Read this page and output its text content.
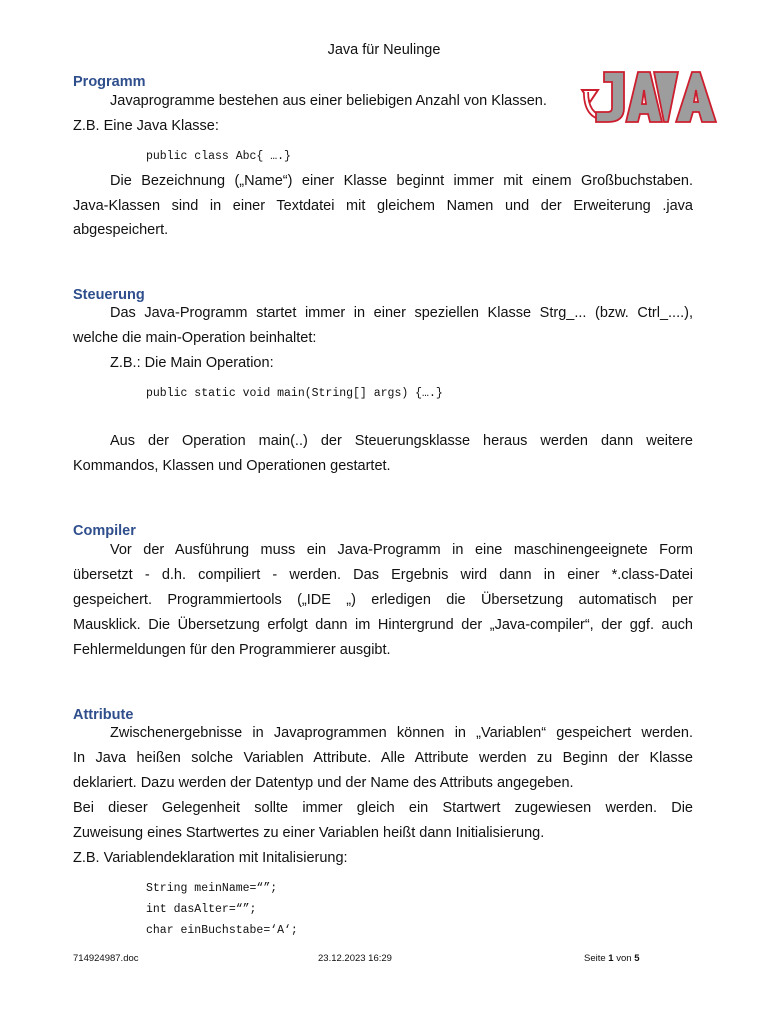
Java für Neulinge
Programm
Javaprogramme bestehen aus einer beliebigen Anzahl von Klassen.
Z.B. Eine Java Klasse:
public class Abc{ ….}
Die Bezeichnung („Name“) einer Klasse beginnt immer mit einem Großbuchstaben.
Java-Klassen sind in einer Textdatei mit gleichem Namen und der Erweiterung .java
abgespeichert.
Steuerung
Das Java-Programm startet immer in einer speziellen Klasse Strg_... (bzw. Ctrl_....),
welche die main-Operation beinhaltet:
Z.B.: Die Main Operation:
public static void main(String[] args) {….}
Aus der Operation main(..) der Steuerungsklasse heraus werden dann weitere
Kommandos, Klassen und Operationen gestartet.
Compiler
Vor der Ausführung muss ein Java-Programm in eine maschinengeeignete Form
übersetzt - d.h. compiliert - werden. Das Ergebnis wird dann in einer *.class-Datei
gespeichert. Programmiertools („IDE „) erledigen die Übersetzung automatisch per
Mausklick. Die Übersetzung erfolgt dann im Hintergrund der „Java-compiler“, der ggf. auch
Fehlermeldungen für den Programmierer ausgibt.
Attribute
Zwischenergebnisse in Javaprogrammen können in „Variablen“ gespeichert werden.
In Java heißen solche Variablen Attribute. Alle Attribute werden zu Beginn der Klasse
deklariert. Dazu werden der Datentyp und der Name des Attributs angegeben.
Bei dieser Gelegenheit sollte immer gleich ein Startwert zugewiesen werden. Die
Zuweisung eines Startwertes zu einer Variablen heißt dann Initialisierung.
Z.B. Variablendeklaration mit Initalisierung:
String meinName=“”;
int dasAlter=“”;
char einBuchstabe=‘A‘;
714924987.doc	23.12.2023 16:29	Seite 1 von 5
